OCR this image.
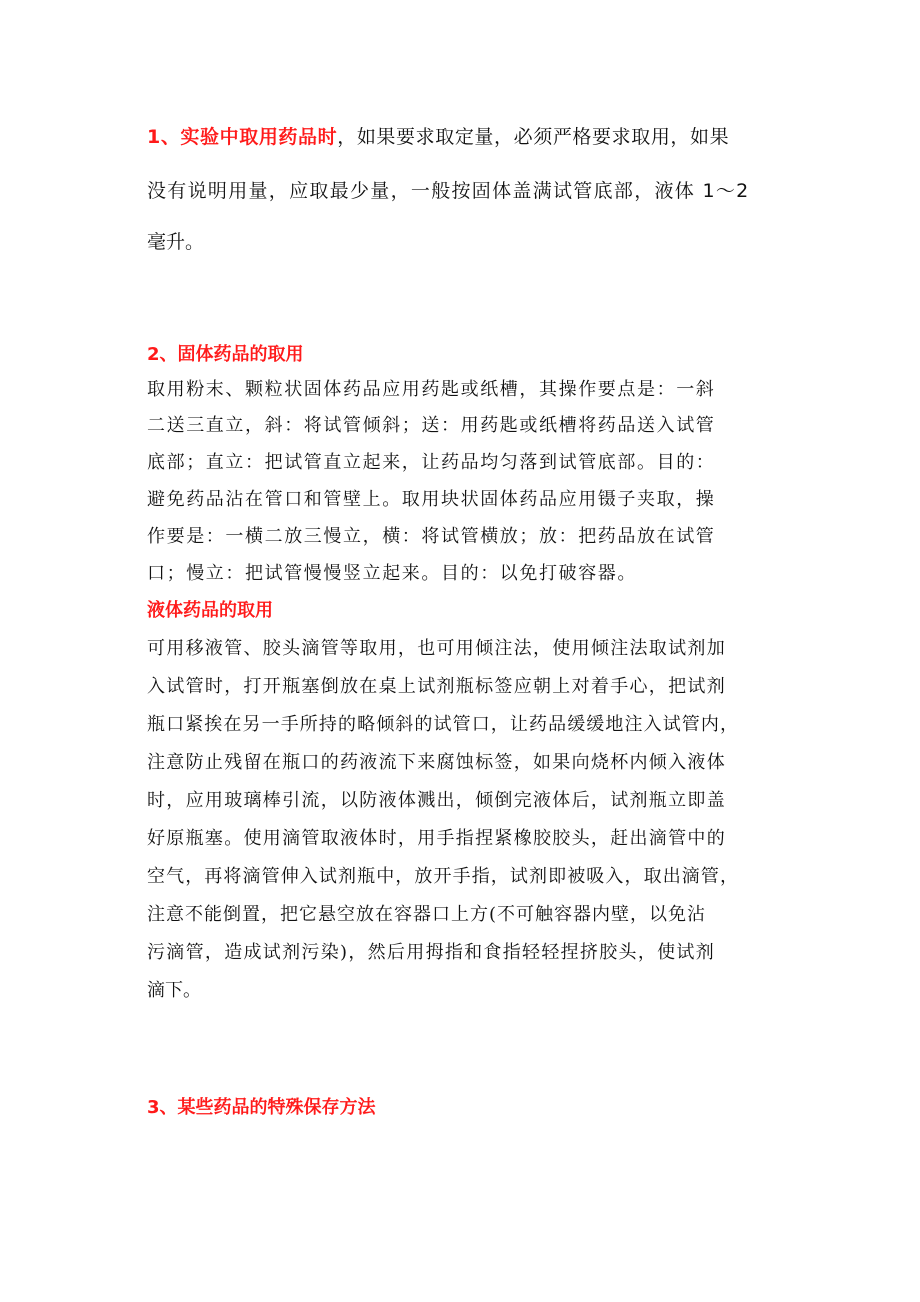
1、实验中取用药品时，如果要求取定量，必须严格要求取用，如果
没有说明用量，应取最少量，一般按固体盖满试管底部，液体 1～2
毫升。
2、固体药品的取用
取用粉末、颗粒状固体药品应用药匙或纸槽，其操作要点是：一斜
二送三直立，斜：将试管倾斜；送：用药匙或纸槽将药品送入试管
底部；直立：把试管直立起来，让药品均匀落到试管底部。目的：
避免药品沾在管口和管壁上。取用块状固体药品应用镊子夹取，操
作要是：一横二放三慢立，横：将试管横放；放：把药品放在试管
口；慢立：把试管慢慢竖立起来。目的：以免打破容器。
液体药品的取用
可用移液管、胶头滴管等取用，也可用倾注法，使用倾注法取试剂加
入试管时，打开瓶塞倒放在桌上试剂瓶标签应朝上对着手心，把试剂
瓶口紧挨在另一手所持的略倾斜的试管口，让药品缓缓地注入试管内，
注意防止残留在瓶口的药液流下来腐蚀标签，如果向烧杯内倾入液体
时，应用玻璃棒引流，以防液体溅出，倾倒完液体后，试剂瓶立即盖
好原瓶塞。使用滴管取液体时，用手指捏紧橡胶胶头，赶出滴管中的
空气，再将滴管伸入试剂瓶中，放开手指，试剂即被吸入，取出滴管，
注意不能倒置，把它悬空放在容器口上方(不可触容器内壁，以免沾
污滴管，造成试剂污染)，然后用拇指和食指轻轻捏挤胶头，使试剂
滴下。
3、某些药品的特殊保存方法
